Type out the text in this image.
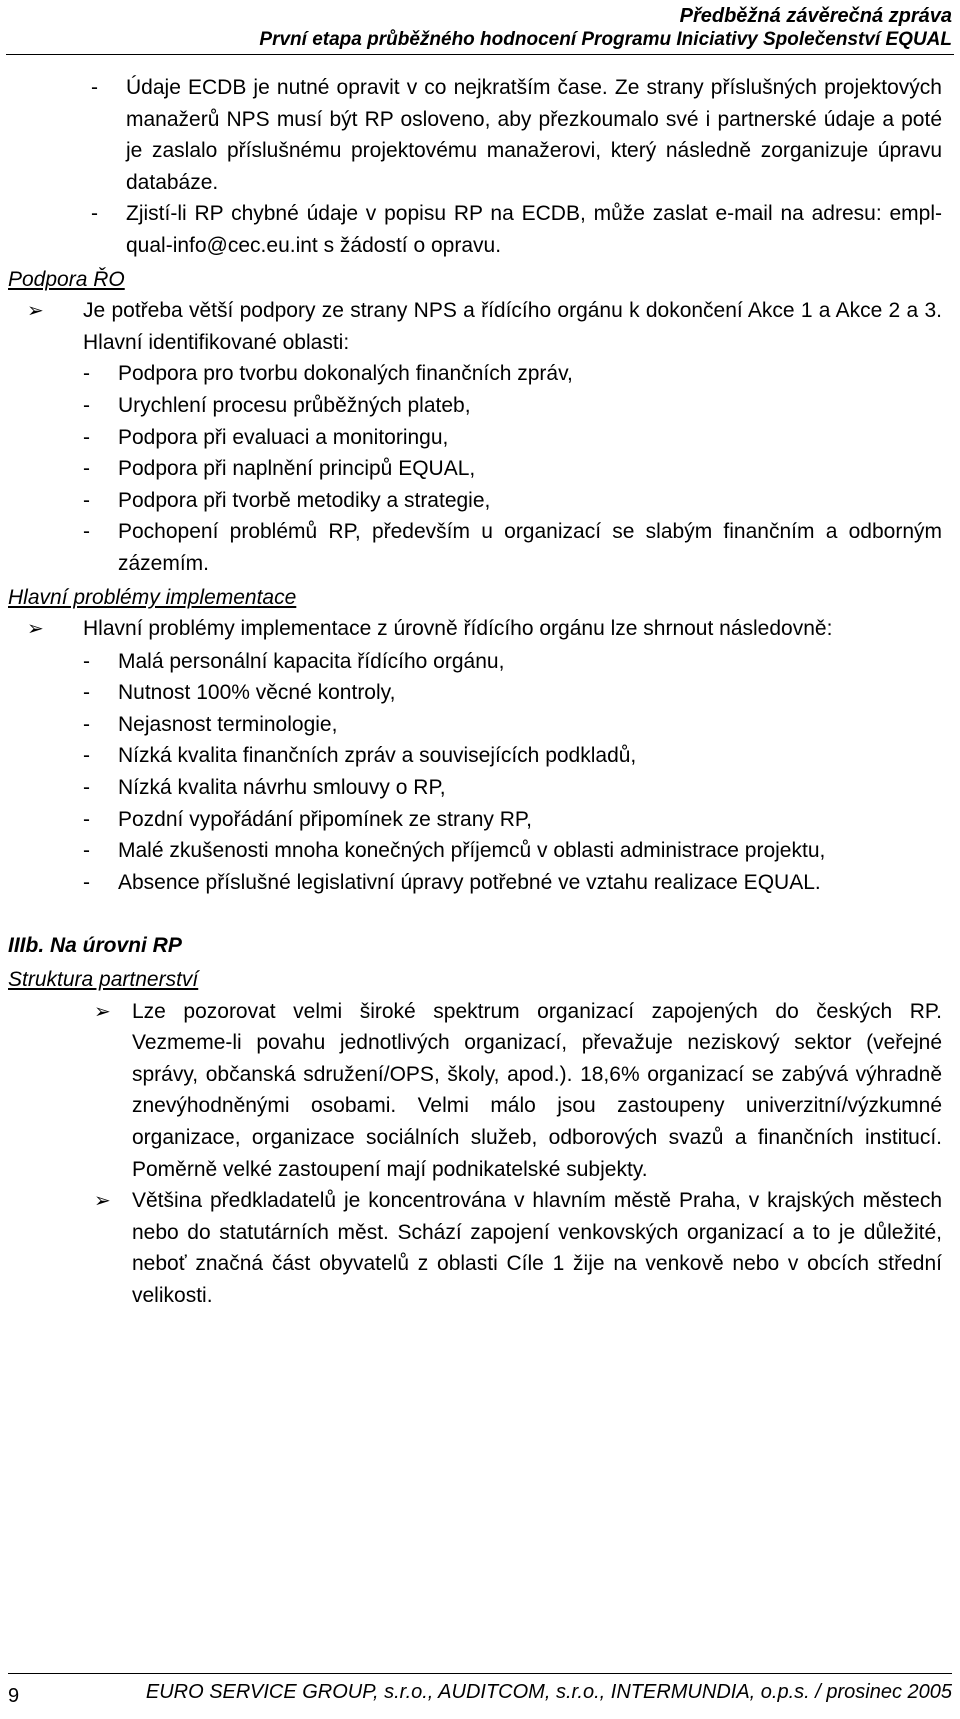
Předběžná závěrečná zpráva
První etapa průběžného hodnocení Programu Iniciativy Společenství EQUAL
-	Údaje ECDB je nutné opravit v co nejkratším čase. Ze strany příslušných projektových manažerů NPS musí být RP osloveno, aby přezkoumalo své i partnerské údaje a poté je zaslalo příslušnému projektovému manažerovi, který následně zorganizuje úpravu databáze.
-	Zjistí-li RP chybné údaje v popisu RP na ECDB, může zaslat e-mail na adresu: empl-qual-info@cec.eu.int s žádostí o opravu.
Podpora ŘO
➢	Je potřeba větší podpory ze strany NPS a řídícího orgánu k dokončení Akce 1 a Akce 2 a 3. Hlavní identifikované oblasti:
-	Podpora pro tvorbu dokonalých finančních zpráv,
-	Urychlení procesu průběžných plateb,
-	Podpora při evaluaci a monitoringu,
-	Podpora při naplnění principů EQUAL,
-	Podpora při tvorbě metodiky a strategie,
-	Pochopení problémů RP, především u organizací se slabým finančním a odborným zázemím.
Hlavní problémy implementace
➢	Hlavní problémy implementace z úrovně řídícího orgánu lze shrnout následovně:
-	Malá personální kapacita řídícího orgánu,
-	Nutnost 100% věcné kontroly,
-	Nejasnost terminologie,
-	Nízká kvalita finančních zpráv a souvisejících podkladů,
-	Nízká kvalita návrhu smlouvy o RP,
-	Pozdní vypořádání připomínek ze strany RP,
-	Malé zkušenosti mnoha konečných příjemců v oblasti administrace projektu,
-	Absence příslušné legislativní úpravy potřebné ve vztahu realizace EQUAL.
IIIb. Na úrovni RP
Struktura partnerství
➢	Lze pozorovat velmi široké spektrum organizací zapojených do českých RP. Vezmeme-li povahu jednotlivých organizací, převažuje neziskový sektor (veřejné správy, občanská sdružení/OPS, školy, apod.). 18,6% organizací se zabývá výhradně znevýhodněnými osobami. Velmi málo jsou zastoupeny univerzitní/výzkumné organizace, organizace sociálních služeb, odborových svazů a finančních institucí. Poměrně velké zastoupení mají podnikatelské subjekty.
➢	Většina předkladatelů je koncentrována v hlavním městě Praha, v krajských městech nebo do statutárních měst. Schází zapojení venkovských organizací a to je důležité, neboť značná část obyvatelů z oblasti Cíle 1 žije na venkově nebo v obcích střední velikosti.
9	EURO SERVICE GROUP, s.r.o., AUDITCOM, s.r.o., INTERMUNDIA, o.p.s. / prosinec 2005
